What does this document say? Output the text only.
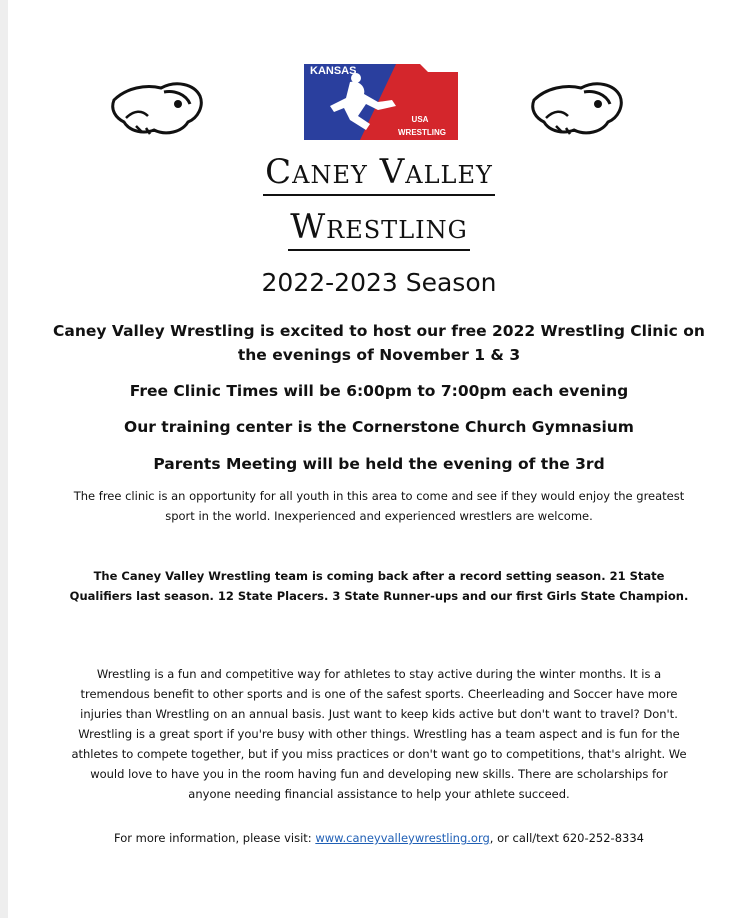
KANSAS
USA
WRESTLING
Caney Valley
Wrestling
2022-2023 Season
Caney Valley Wrestling is excited to host our free 2022 Wrestling Clinic on the evenings of November 1 & 3
Free Clinic Times will be 6:00pm to 7:00pm each evening
Our training center is the Cornerstone Church Gymnasium
Parents Meeting will be held the evening of the 3rd
The free clinic is an opportunity for all youth in this area to come and see if they would enjoy the greatest sport in the world. Inexperienced and experienced wrestlers are welcome.
The Caney Valley Wrestling team is coming back after a record setting season. 21 State Qualifiers last season. 12 State Placers. 3 State Runner-ups and our first Girls State Champion.
Wrestling is a fun and competitive way for athletes to stay active during the winter months. It is a tremendous benefit to other sports and is one of the safest sports. Cheerleading and Soccer have more injuries than Wrestling on an annual basis. Just want to keep kids active but don't want to travel? Don't. Wrestling is a great sport if you're busy with other things. Wrestling has a team aspect and is fun for the athletes to compete together, but if you miss practices or don't want go to competitions, that's alright. We would love to have you in the room having fun and developing new skills. There are scholarships for anyone needing financial assistance to help your athlete succeed.
For more information, please visit: www.caneyvalleywrestling.org, or call/text 620-252-8334
